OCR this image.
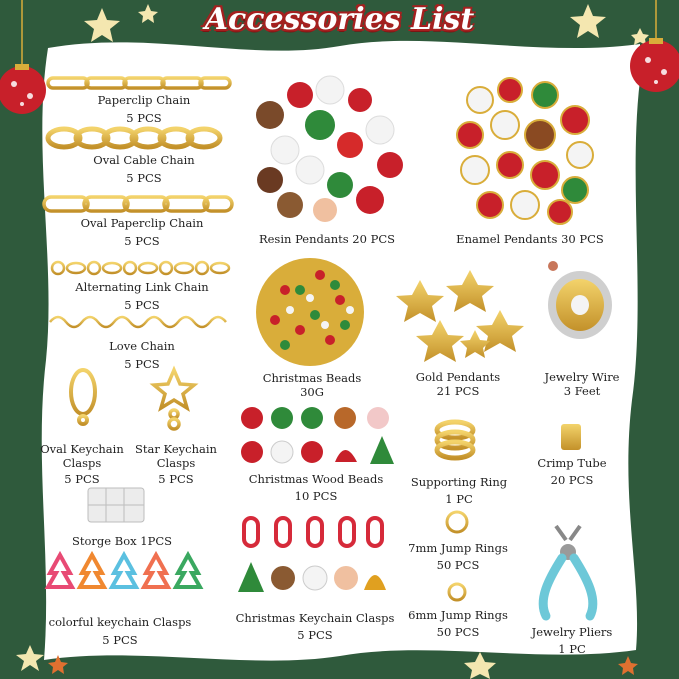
Accessories List
Paperclip Chain
5 PCS
Oval Cable Chain
5 PCS
Oval Paperclip Chain
5 PCS
Alternating Link Chain
5 PCS
Love Chain
5 PCS
Oval Keychain
Clasps
5 PCS
Star Keychain
Clasps
5 PCS
Storge Box 1PCS
colorful keychain Clasps
5 PCS
Resin Pendants 20 PCS	Enamel Pendants 30 PCS
Christmas Beads
30G
Gold Pendants
21 PCS
Jewelry Wire
3 Feet
Christmas Wood Beads
10 PCS
Supporting Ring
1 PC
Crimp Tube
20 PCS
7mm Jump Rings
50 PCS
6mm Jump Rings
50 PCS
Christmas Keychain Clasps
5 PCS	Jewelry Pliers
1 PC
